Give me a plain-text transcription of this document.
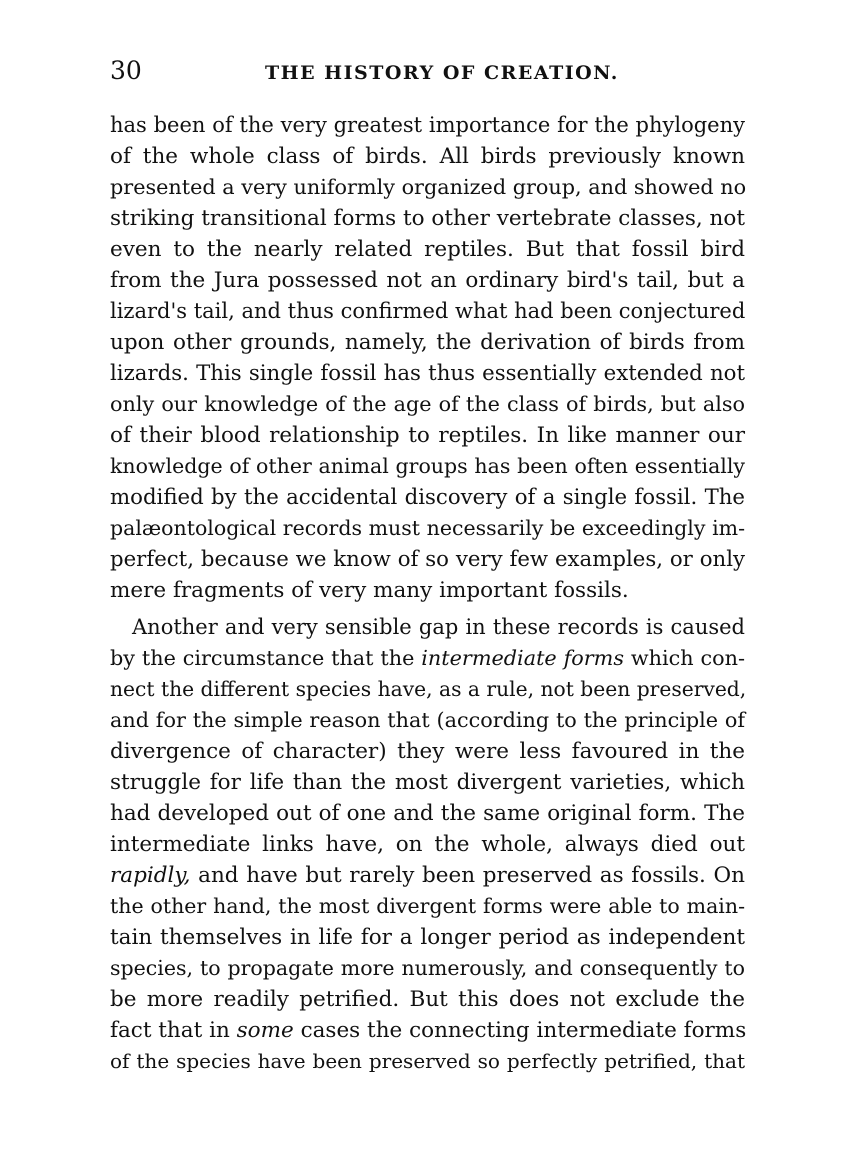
30	THE HISTORY OF CREATION.
has been of the very greatest importance for the phylogeny
of the whole class of birds. All birds previously known
presented a very uniformly organized group, and showed no
striking transitional forms to other vertebrate classes, not
even to the nearly related reptiles. But that fossil bird
from the Jura possessed not an ordinary bird's tail, but a
lizard's tail, and thus confirmed what had been conjectured
upon other grounds, namely, the derivation of birds from
lizards. This single fossil has thus essentially extended not
only our knowledge of the age of the class of birds, but also
of their blood relationship to reptiles. In like manner our
knowledge of other animal groups has been often essentially
modified by the accidental discovery of a single fossil. The
palæontological records must necessarily be exceedingly im-
perfect, because we know of so very few examples, or only
mere fragments of very many important fossils.
Another and very sensible gap in these records is caused
by the circumstance that the intermediate forms which con-
nect the different species have, as a rule, not been preserved,
and for the simple reason that (according to the principle of
divergence of character) they were less favoured in the
struggle for life than the most divergent varieties, which
had developed out of one and the same original form. The
intermediate links have, on the whole, always died out
rapidly, and have but rarely been preserved as fossils. On
the other hand, the most divergent forms were able to main-
tain themselves in life for a longer period as independent
species, to propagate more numerously, and consequently to
be more readily petrified. But this does not exclude the
fact that in some cases the connecting intermediate forms
of the species have been preserved so perfectly petrified, that
